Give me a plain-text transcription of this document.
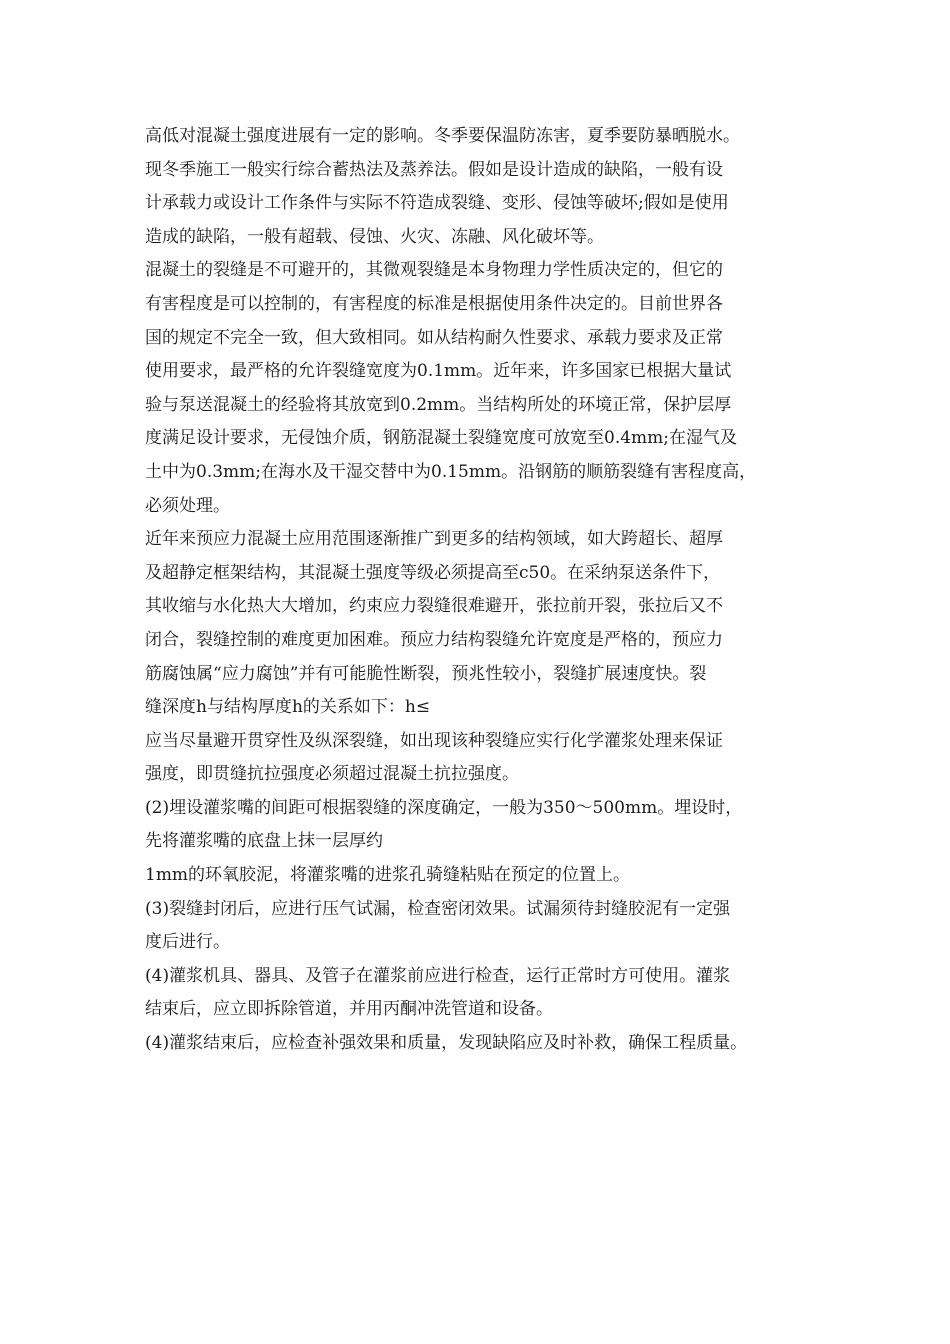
高低对混凝土强度进展有一定的影响。冬季要保温防冻害，夏季要防暴晒脱水。
现冬季施工一般实行综合蓄热法及蒸养法。假如是设计造成的缺陷，一般有设
计承载力或设计工作条件与实际不符造成裂缝、变形、侵蚀等破坏;假如是使用
造成的缺陷，一般有超载、侵蚀、火灾、冻融、风化破坏等。
混凝土的裂缝是不可避开的，其微观裂缝是本身物理力学性质决定的，但它的
有害程度是可以控制的，有害程度的标准是根据使用条件决定的。目前世界各
国的规定不完全一致，但大致相同。如从结构耐久性要求、承载力要求及正常
使用要求，最严格的允许裂缝宽度为0.1mm。近年来，许多国家已根据大量试
验与泵送混凝土的经验将其放宽到0.2mm。当结构所处的环境正常，保护层厚
度满足设计要求，无侵蚀介质，钢筋混凝土裂缝宽度可放宽至0.4mm;在湿气及
土中为0.3mm;在海水及干湿交替中为0.15mm。沿钢筋的顺筋裂缝有害程度高，
必须处理。
近年来预应力混凝土应用范围逐渐推广到更多的结构领域，如大跨超长、超厚
及超静定框架结构，其混凝土强度等级必须提高至c50。在采纳泵送条件下，
其收缩与水化热大大增加，约束应力裂缝很难避开，张拉前开裂，张拉后又不
闭合，裂缝控制的难度更加困难。预应力结构裂缝允许宽度是严格的，预应力
筋腐蚀属“应力腐蚀”并有可能脆性断裂，预兆性较小，裂缝扩展速度快。裂
缝深度h与结构厚度h的关系如下：h≤
应当尽量避开贯穿性及纵深裂缝，如出现该种裂缝应实行化学灌浆处理来保证
强度，即贯缝抗拉强度必须超过混凝土抗拉强度。
(2)埋设灌浆嘴的间距可根据裂缝的深度确定，一般为350～500mm。埋设时，
先将灌浆嘴的底盘上抹一层厚约
1mm的环氧胶泥，将灌浆嘴的进浆孔骑缝粘贴在预定的位置上。
(3)裂缝封闭后，应进行压气试漏，检查密闭效果。试漏须待封缝胶泥有一定强
度后进行。
(4)灌浆机具、器具、及管子在灌浆前应进行检查，运行正常时方可使用。灌浆
结束后，应立即拆除管道，并用丙酮冲洗管道和设备。
(4)灌浆结束后，应检查补强效果和质量，发现缺陷应及时补救，确保工程质量。
